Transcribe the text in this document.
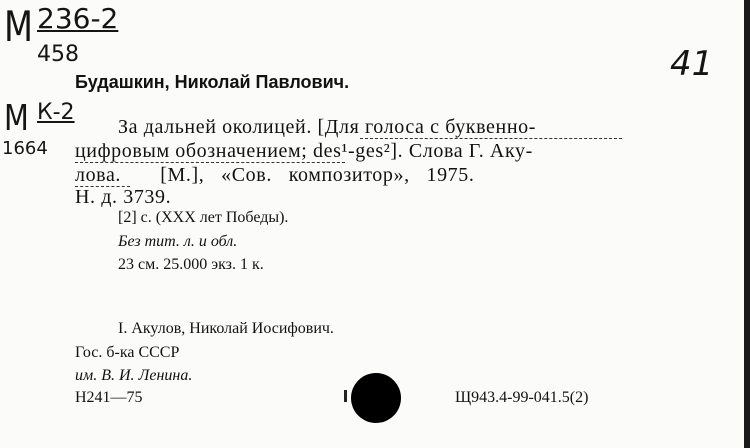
М 236-2
458	41
Будашкин, Николай Павлович.
М К-2
1664
За дальней околицей. [Для голоса с буквенно-
цифровым обозначением; des¹-ges²]. Слова Г. Аку-
лова.       [М.],   «Сов.   композитор»,   1975.
Н. д. 3739.
[2] с. (XXX лет Победы).
Без тит. л. и обл.
23 см. 25.000 экз. 1 к.
I. Акулов, Николай Иосифович.
Гос. б-ка СССР
им. В. И. Ленина.
Н241—75	Щ943.4-99-041.5(2)
